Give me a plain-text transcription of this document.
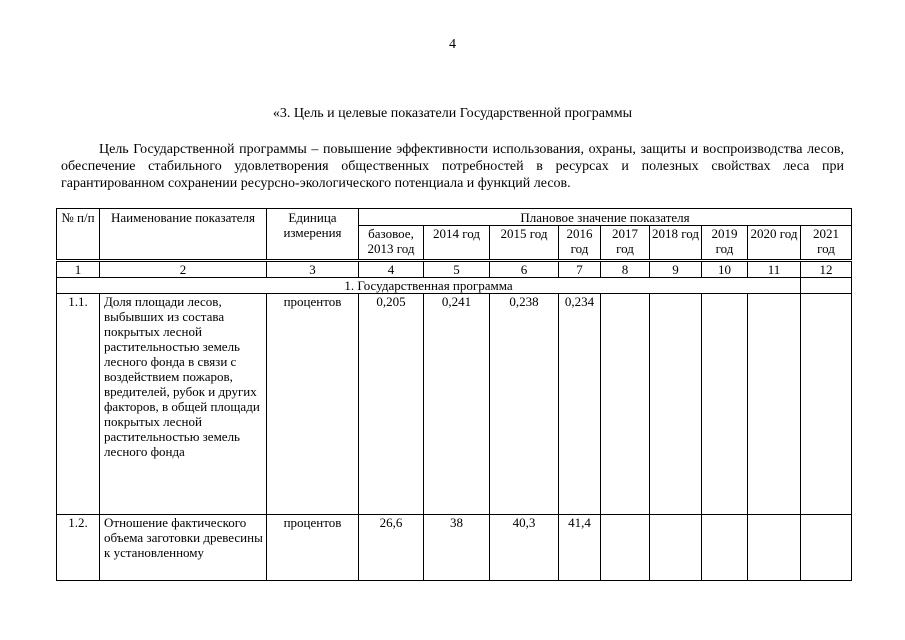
4
«3. Цель и целевые показатели Государственной программы

Цель Государственной программы – повышение эффективности использования, охраны, защиты и воспроизводства лесов, обеспечение стабильного удовлетворения общественных потребностей в ресурсах и полезных свойствах леса при гарантированном сохранении ресурсно-экологического потенциала и функций лесов.

№ п/п	Наименование показателя	Единица измерения	Плановое значение показателя								
			базовое, 2013 год	2014 год	2015 год	2016 год	2017 год	2018 год	2019 год	2020 год	2021 год
1	2	3	4	5	6	7	8	9	10	11	12
1. Государственная программа											
1.1.	Доля площади лесов, выбывших из состава покрытых лесной растительностью земель лесного фонда в связи с воздействием пожаров, вредителей, рубок и других факторов, в общей площади покрытых лесной растительностью земель лесного фонда	процентов	0,205	0,241	0,238	0,234					
1.2.	Отношение фактического объема заготовки древесины к установленному	процентов	26,6	38	40,3	41,4					
